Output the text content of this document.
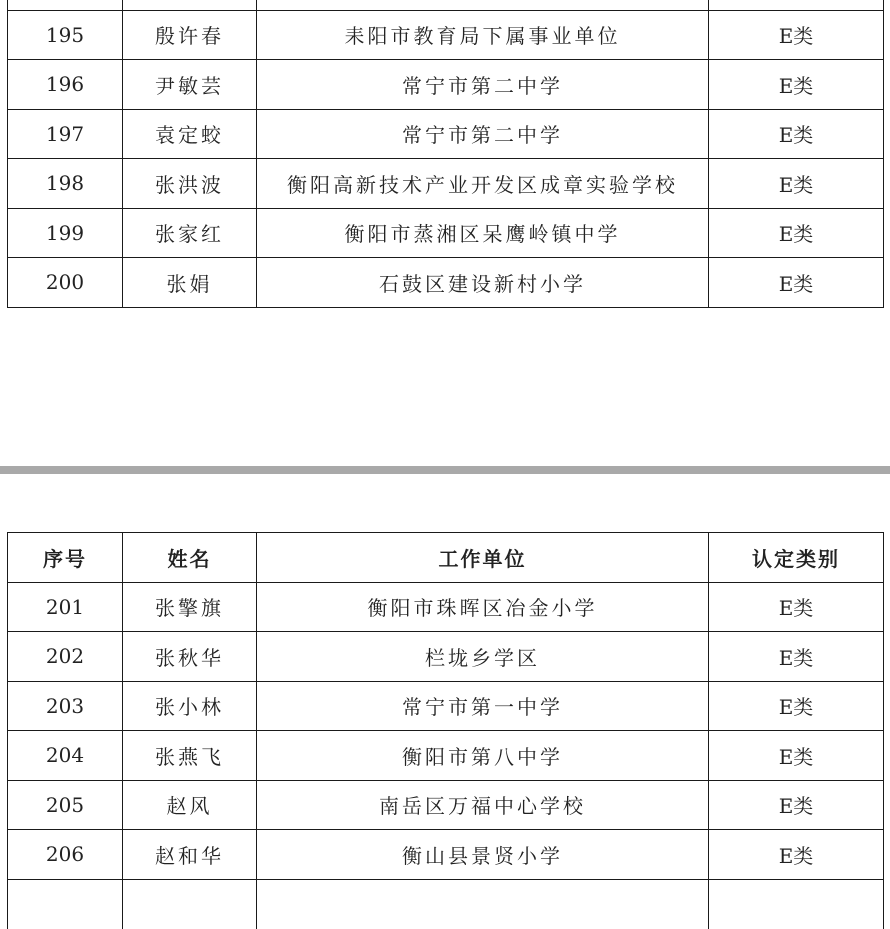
195	殷许春	耒阳市教育局下属事业单位	E类
196	尹敏芸	常宁市第二中学	E类
197	袁定蛟	常宁市第二中学	E类
198	张洪波	衡阳高新技术产业开发区成章实验学校	E类
199	张家红	衡阳市蒸湘区呆鹰岭镇中学	E类
200	张娟	石鼓区建设新村小学	E类
序号	姓名	工作单位	认定类别
201	张擎旗	衡阳市珠晖区冶金小学	E类
202	张秋华	栏垅乡学区	E类
203	张小林	常宁市第一中学	E类
204	张燕飞	衡阳市第八中学	E类
205	赵风	南岳区万福中心学校	E类
206	赵和华	衡山县景贤小学	E类
